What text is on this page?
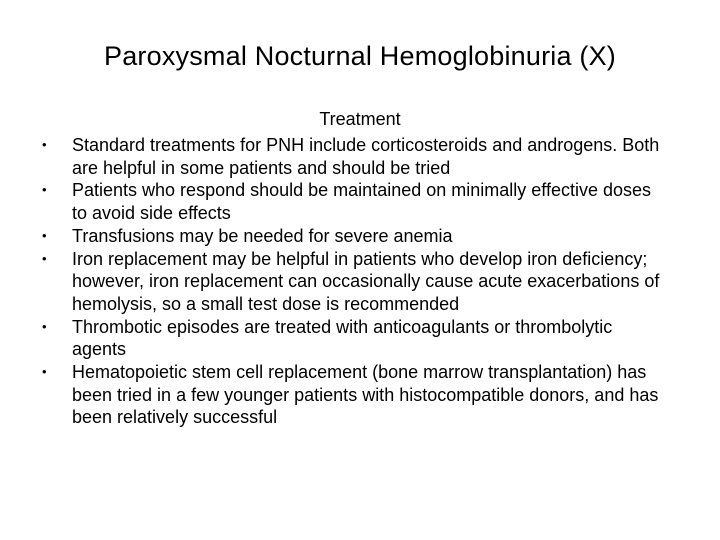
Paroxysmal Nocturnal Hemoglobinuria (X)
Treatment
•	Standard treatments for PNH include corticosteroids and androgens. Both are helpful in some patients and should be tried
•	Patients who respond should be maintained on minimally effective doses to avoid side effects
•	Transfusions may be needed for severe anemia
•	Iron replacement may be helpful in patients who develop iron deficiency; however, iron replacement can occasionally cause acute exacerbations of hemolysis, so a small test dose is recommended
•	Thrombotic episodes are treated with anticoagulants or thrombolytic agents
•	Hematopoietic stem cell replacement (bone marrow transplantation) has been tried in a few younger patients with histocompatible donors, and has been relatively successful
